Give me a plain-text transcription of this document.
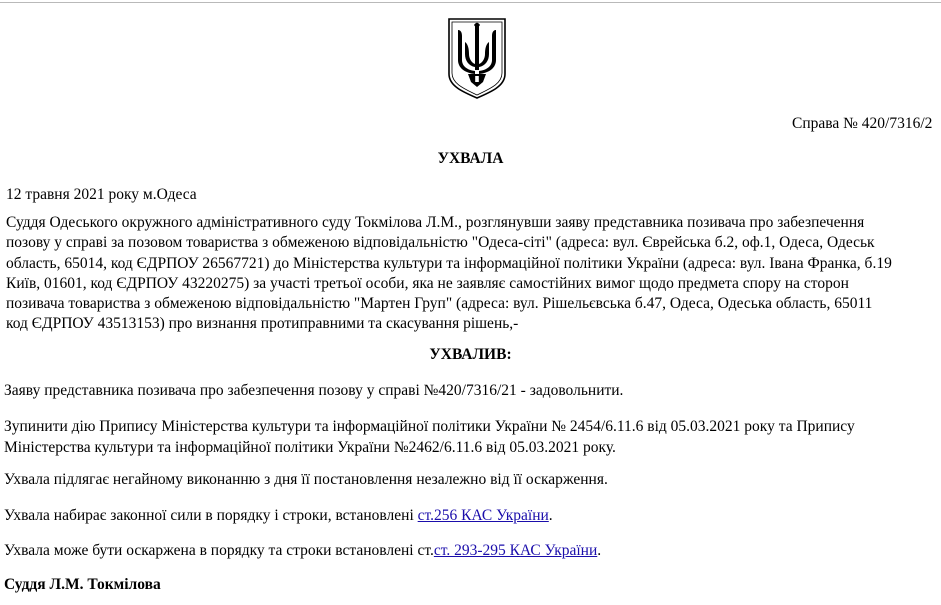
Справа № 420/7316/2
УХВАЛА
12 травня 2021 року м.Одеса
Суддя Одеського окружного адміністративного суду Токмілова Л.М., розглянувши заяву представника позивача про забезпечення
позову у справі за позовом товариства з обмеженою відповідальністю "Одеса-сіті" (адреса: вул. Єврейська б.2, оф.1, Одеса, Одеськ
область, 65014, код ЄДРПОУ 26567721) до Міністерства культури та інформаційної політики України (адреса: вул. Івана Франка, б.19
Київ, 01601, код ЄДРПОУ 43220275) за участі третьої особи, яка не заявляє самостійних вимог щодо предмета спору на сторон
позивача товариства з обмеженою відповідальністю "Мартен Груп" (адреса: вул. Рішельєвська б.47, Одеса, Одеська область, 65011
код ЄДРПОУ 43513153) про визнання протиправними та скасування рішень,-
УХВАЛИВ:
Заяву представника позивача про забезпечення позову у справі №420/7316/21 - задовольнити.
Зупинити дію Припису Міністерства культури та інформаційної політики України № 2454/6.11.6 від 05.03.2021 року та Припису
Міністерства культури та інформаційної політики України №2462/6.11.6 від 05.03.2021 року.
Ухвала підлягає негайному виконанню з дня її постановлення незалежно від її оскарження.
Ухвала набирає законної сили в порядку і строки, встановлені ст.256 КАС України.
Ухвала може бути оскаржена в порядку та строки встановлені ст.ст. 293-295 КАС України.
Суддя Л.М. Токмілова
